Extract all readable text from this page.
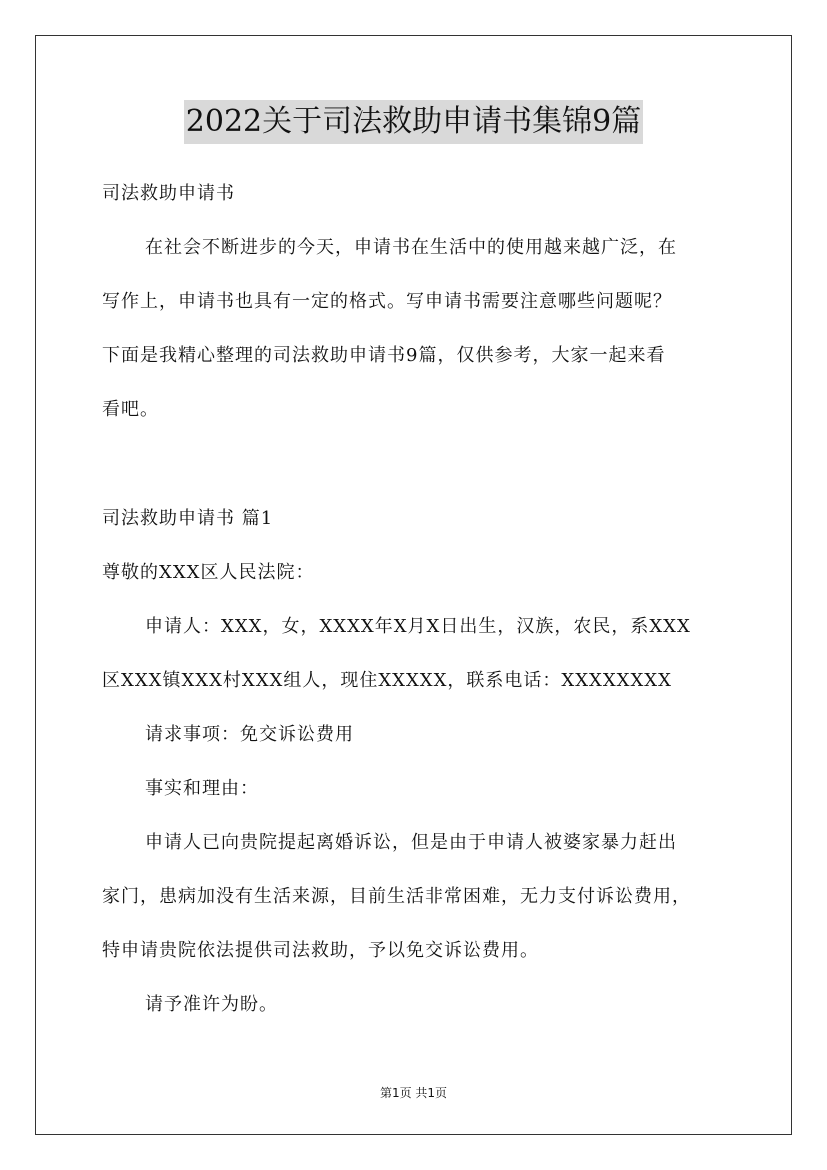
2022关于司法救助申请书集锦9篇
司法救助申请书
在社会不断进步的今天，申请书在生活中的使用越来越广泛，在
写作上，申请书也具有一定的格式。写申请书需要注意哪些问题呢？
下面是我精心整理的司法救助申请书9篇，仅供参考，大家一起来看
看吧。
司法救助申请书 篇1
尊敬的XXX区人民法院：
申请人：XXX，女，XXXX年X月X日出生，汉族，农民，系XXX
区XXX镇XXX村XXX组人，现住XXXXX，联系电话：XXXXXXXX
请求事项：免交诉讼费用
事实和理由：
申请人已向贵院提起离婚诉讼，但是由于申请人被婆家暴力赶出
家门，患病加没有生活来源，目前生活非常困难，无力支付诉讼费用，
特申请贵院依法提供司法救助，予以免交诉讼费用。
请予准许为盼。
第1页 共1页
